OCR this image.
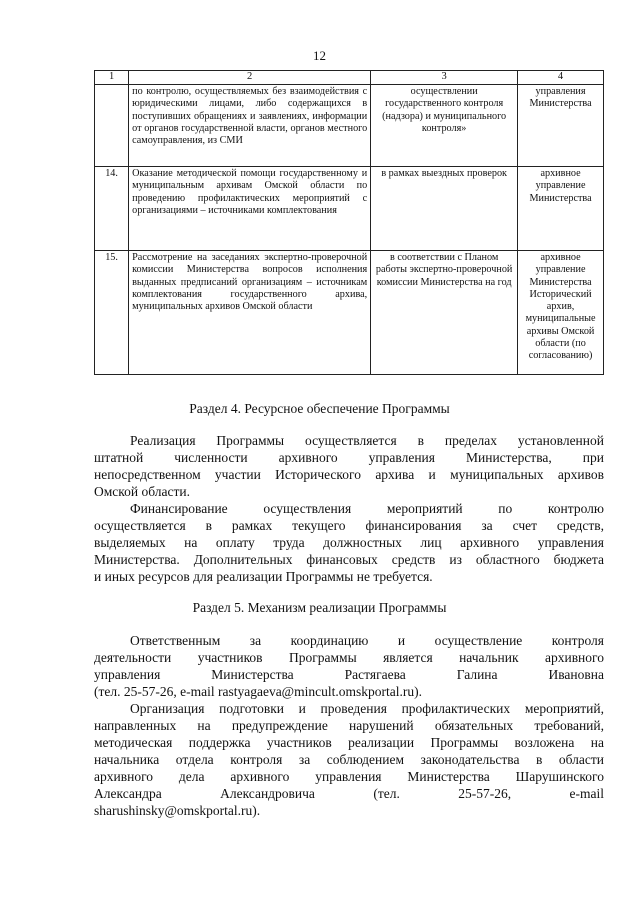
12
1	2	3	4
	по контролю, осуществляемых без взаимодействия с юридическими лицами, либо содержащихся в поступивших обращениях и заявлениях, информации от органов государственной власти, органов местного самоуправления, из СМИ	осуществлении государственного контроля (надзора) и муниципального контроля»	управления Министерства
14.	Оказание методической помощи государственному и муниципальным архивам Омской области по проведению профилактических мероприятий с организациями – источниками комплектования	в рамках выездных проверок	архивное управление Министерства
15.	Рассмотрение на заседаниях экспертно-проверочной комиссии Министерства вопросов исполнения выданных предписаний организациям – источникам комплектования государственного архива, муниципальных архивов Омской области	в соответствии с Планом работы экспертно-проверочной комиссии Министерства на год	архивное управление Министерства Исторический архив, муниципальные архивы Омской области (по согласованию)
Раздел 4. Ресурсное обеспечение Программы
Реализация Программы осуществляется в пределах установленной
штатной численности архивного управления Министерства, при
непосредственном участии Исторического архива и муниципальных архивов
Омской области.
Финансирование осуществления мероприятий по контролю
осуществляется в рамках текущего финансирования за счет средств,
выделяемых на оплату труда должностных лиц архивного управления
Министерства. Дополнительных финансовых средств из областного бюджета
и иных ресурсов для реализации Программы не требуется.
Раздел 5. Механизм реализации Программы
Ответственным за координацию и осуществление контроля
деятельности участников Программы является начальник архивного
управления Министерства Растягаева Галина Ивановна
(тел. 25-57-26, e-mail rastyagaeva@mincult.omskportal.ru).
Организация подготовки и проведения профилактических мероприятий,
направленных на предупреждение нарушений обязательных требований,
методическая поддержка участников реализации Программы возложена на
начальника отдела контроля за соблюдением законодательства в области
архивного дела архивного управления Министерства Шарушинского
Александра Александровича (тел. 25-57-26, e-mail
sharushinsky@omskportal.ru).
